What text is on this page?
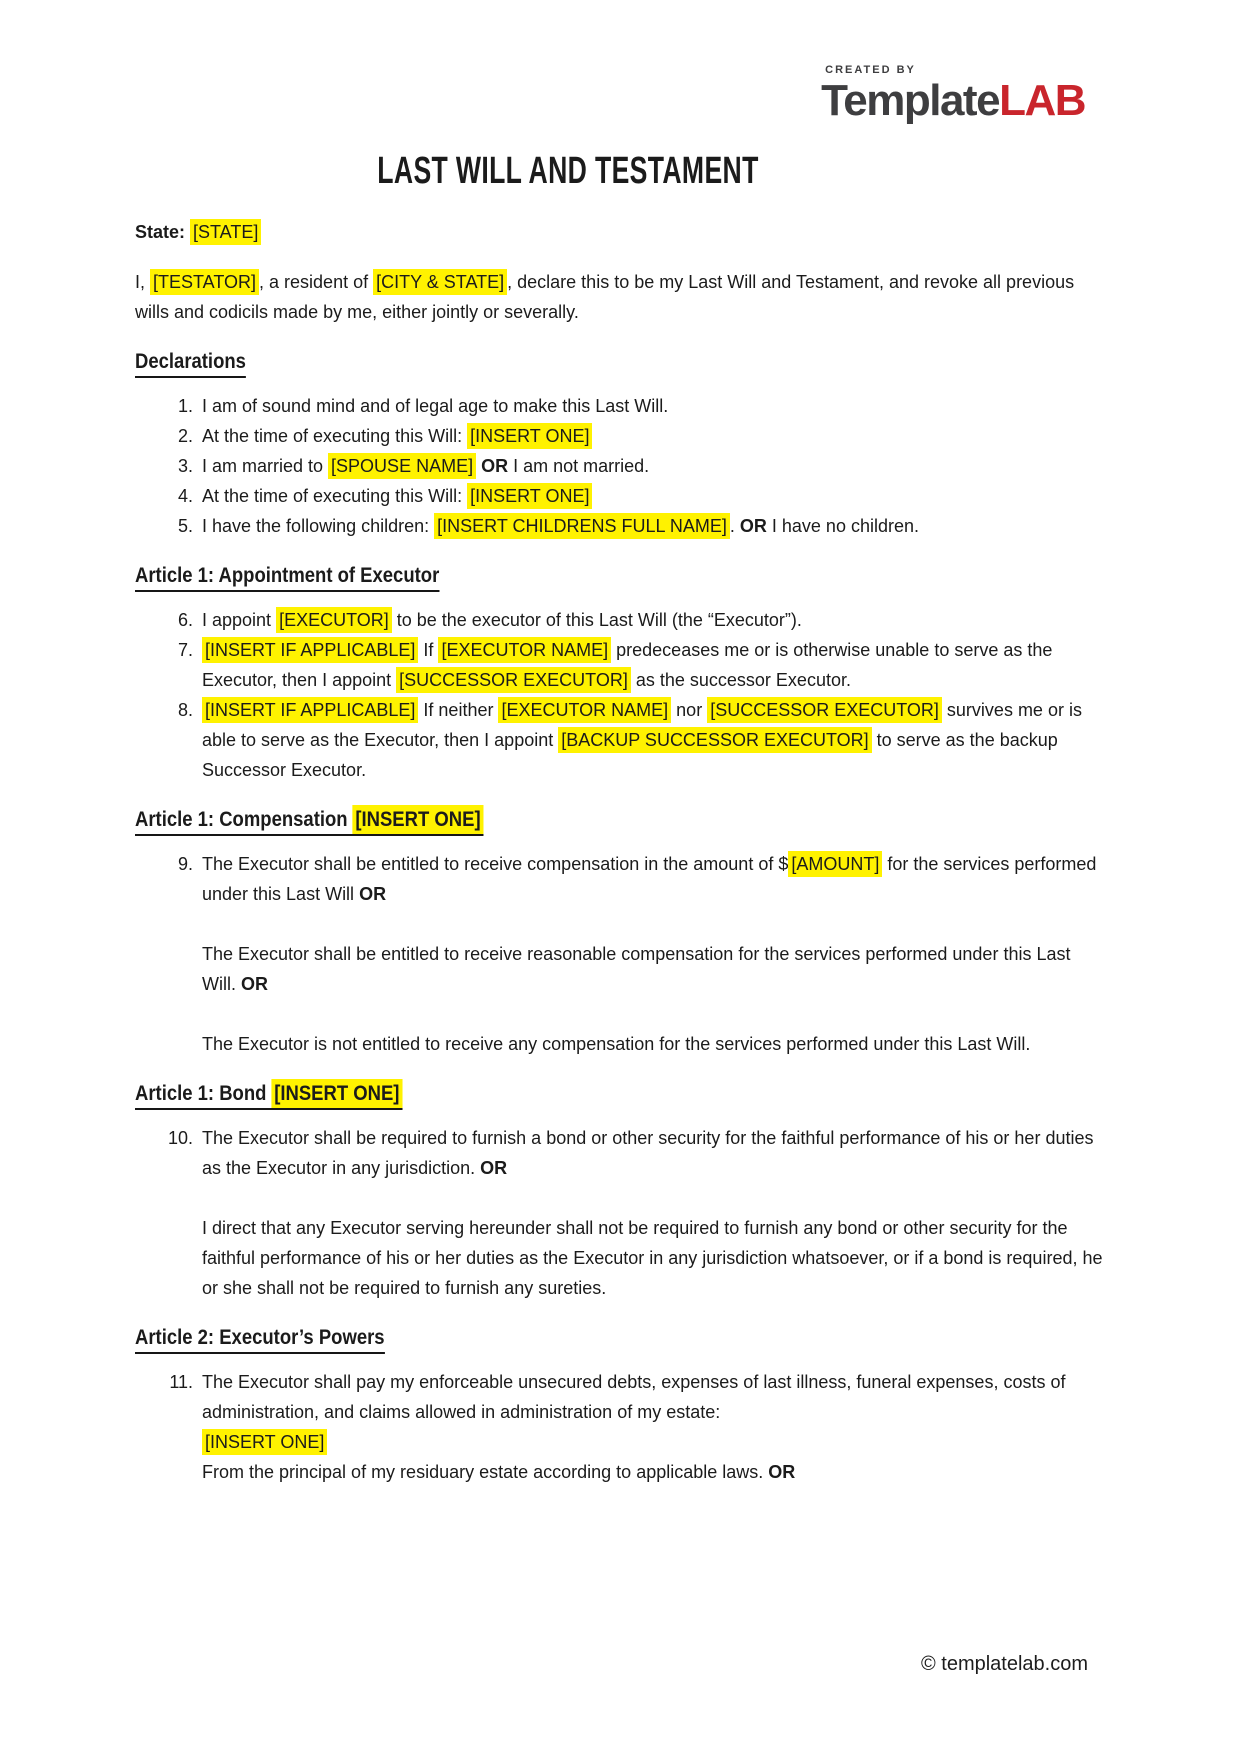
CREATED BY
TemplateLAB
LAST WILL AND TESTAMENT

State: [STATE]

I, [TESTATOR] , a resident of [CITY & STATE] , declare this to be my Last Will and Testament, and revoke all previous wills and codicils made by me, either jointly or severally.

Declarations
1. I am of sound mind and of legal age to make this Last Will.
2. At the time of executing this Will: [INSERT ONE]
3. I am married to [SPOUSE NAME] OR I am not married.
4. At the time of executing this Will: [INSERT ONE]
5. I have the following children: [INSERT CHILDRENS FULL NAME] . OR I have no children.
Article 1: Appointment of Executor
6. I appoint [EXECUTOR] to be the executor of this Last Will (the “Executor”).
7. [INSERT IF APPLICABLE] If [EXECUTOR NAME] predeceases me or is otherwise unable to serve as the Executor, then I appoint [SUCCESSOR EXECUTOR] as the successor Executor.
8. [INSERT IF APPLICABLE] If neither [EXECUTOR NAME] nor [SUCCESSOR EXECUTOR] survives me or is able to serve as the Executor, then I appoint [BACKUP SUCCESSOR EXECUTOR] to serve as the backup Successor Executor.
Article 1: Compensation [INSERT ONE]
9. The Executor shall be entitled to receive compensation in the amount of $ [AMOUNT] for the services performed under this Last Will OR

The Executor shall be entitled to receive reasonable compensation for the services performed under this Last Will. OR

The Executor is not entitled to receive any compensation for the services performed under this Last Will.

Article 1: Bond [INSERT ONE]
10. The Executor shall be required to furnish a bond or other security for the faithful performance of his or her duties as the Executor in any jurisdiction. OR

I direct that any Executor serving hereunder shall not be required to furnish any bond or other security for the faithful performance of his or her duties as the Executor in any jurisdiction whatsoever, or if a bond is required, he or she shall not be required to furnish any sureties.

Article 2: Executor’s Powers
11. The Executor shall pay my enforceable unsecured debts, expenses of last illness, funeral expenses, costs of administration, and claims allowed in administration of my estate:
[INSERT ONE]
From the principal of my residuary estate according to applicable laws. OR
© templatelab.com
